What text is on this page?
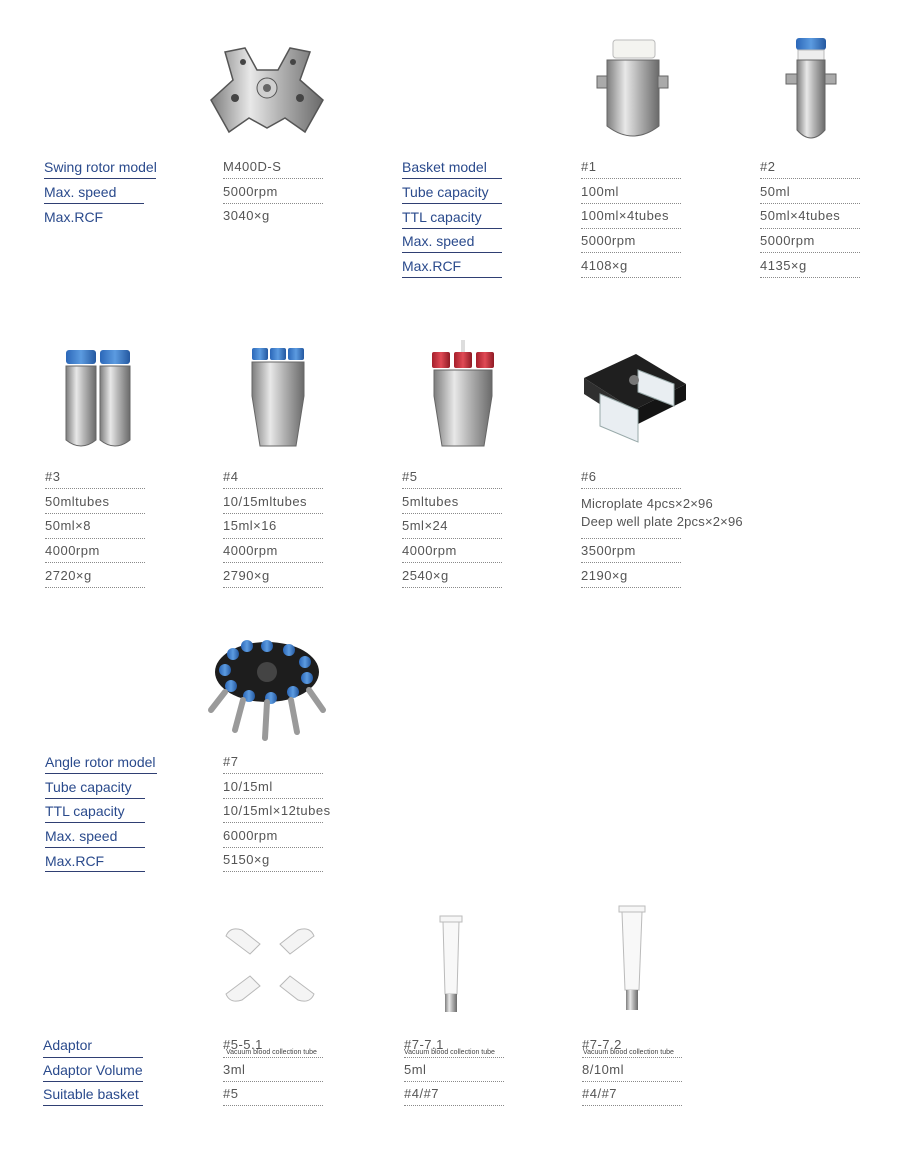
Swing rotor model
Max. speed
Max.RCF
M400D-S
5000rpm
3040×g
Basket model
Tube capacity
TTL capacity
Max. speed
Max.RCF
#1
100ml
100ml×4tubes
5000rpm
4108×g
#2
50ml
50ml×4tubes
5000rpm
4135×g
#3
50mltubes
50ml×8
4000rpm
2720×g
#4
10/15mltubes
15ml×16
4000rpm
2790×g
#5
5mltubes
5ml×24
4000rpm
2540×g
#6
Microplate 4pcs×2×96
Deep well plate 2pcs×2×96
3500rpm
2190×g
Angle rotor model
Tube capacity
TTL capacity
Max. speed
Max.RCF
#7
10/15ml
10/15ml×12tubes
6000rpm
5150×g
Adaptor
Adaptor Volume
Suitable basket
#5-5.1
Vacuum blood collection tube
3ml
#5
#7-7.1
Vacuum blood collection tube
5ml
#4/#7
#7-7.2
Vacuum blood collection tube
8/10ml
#4/#7
